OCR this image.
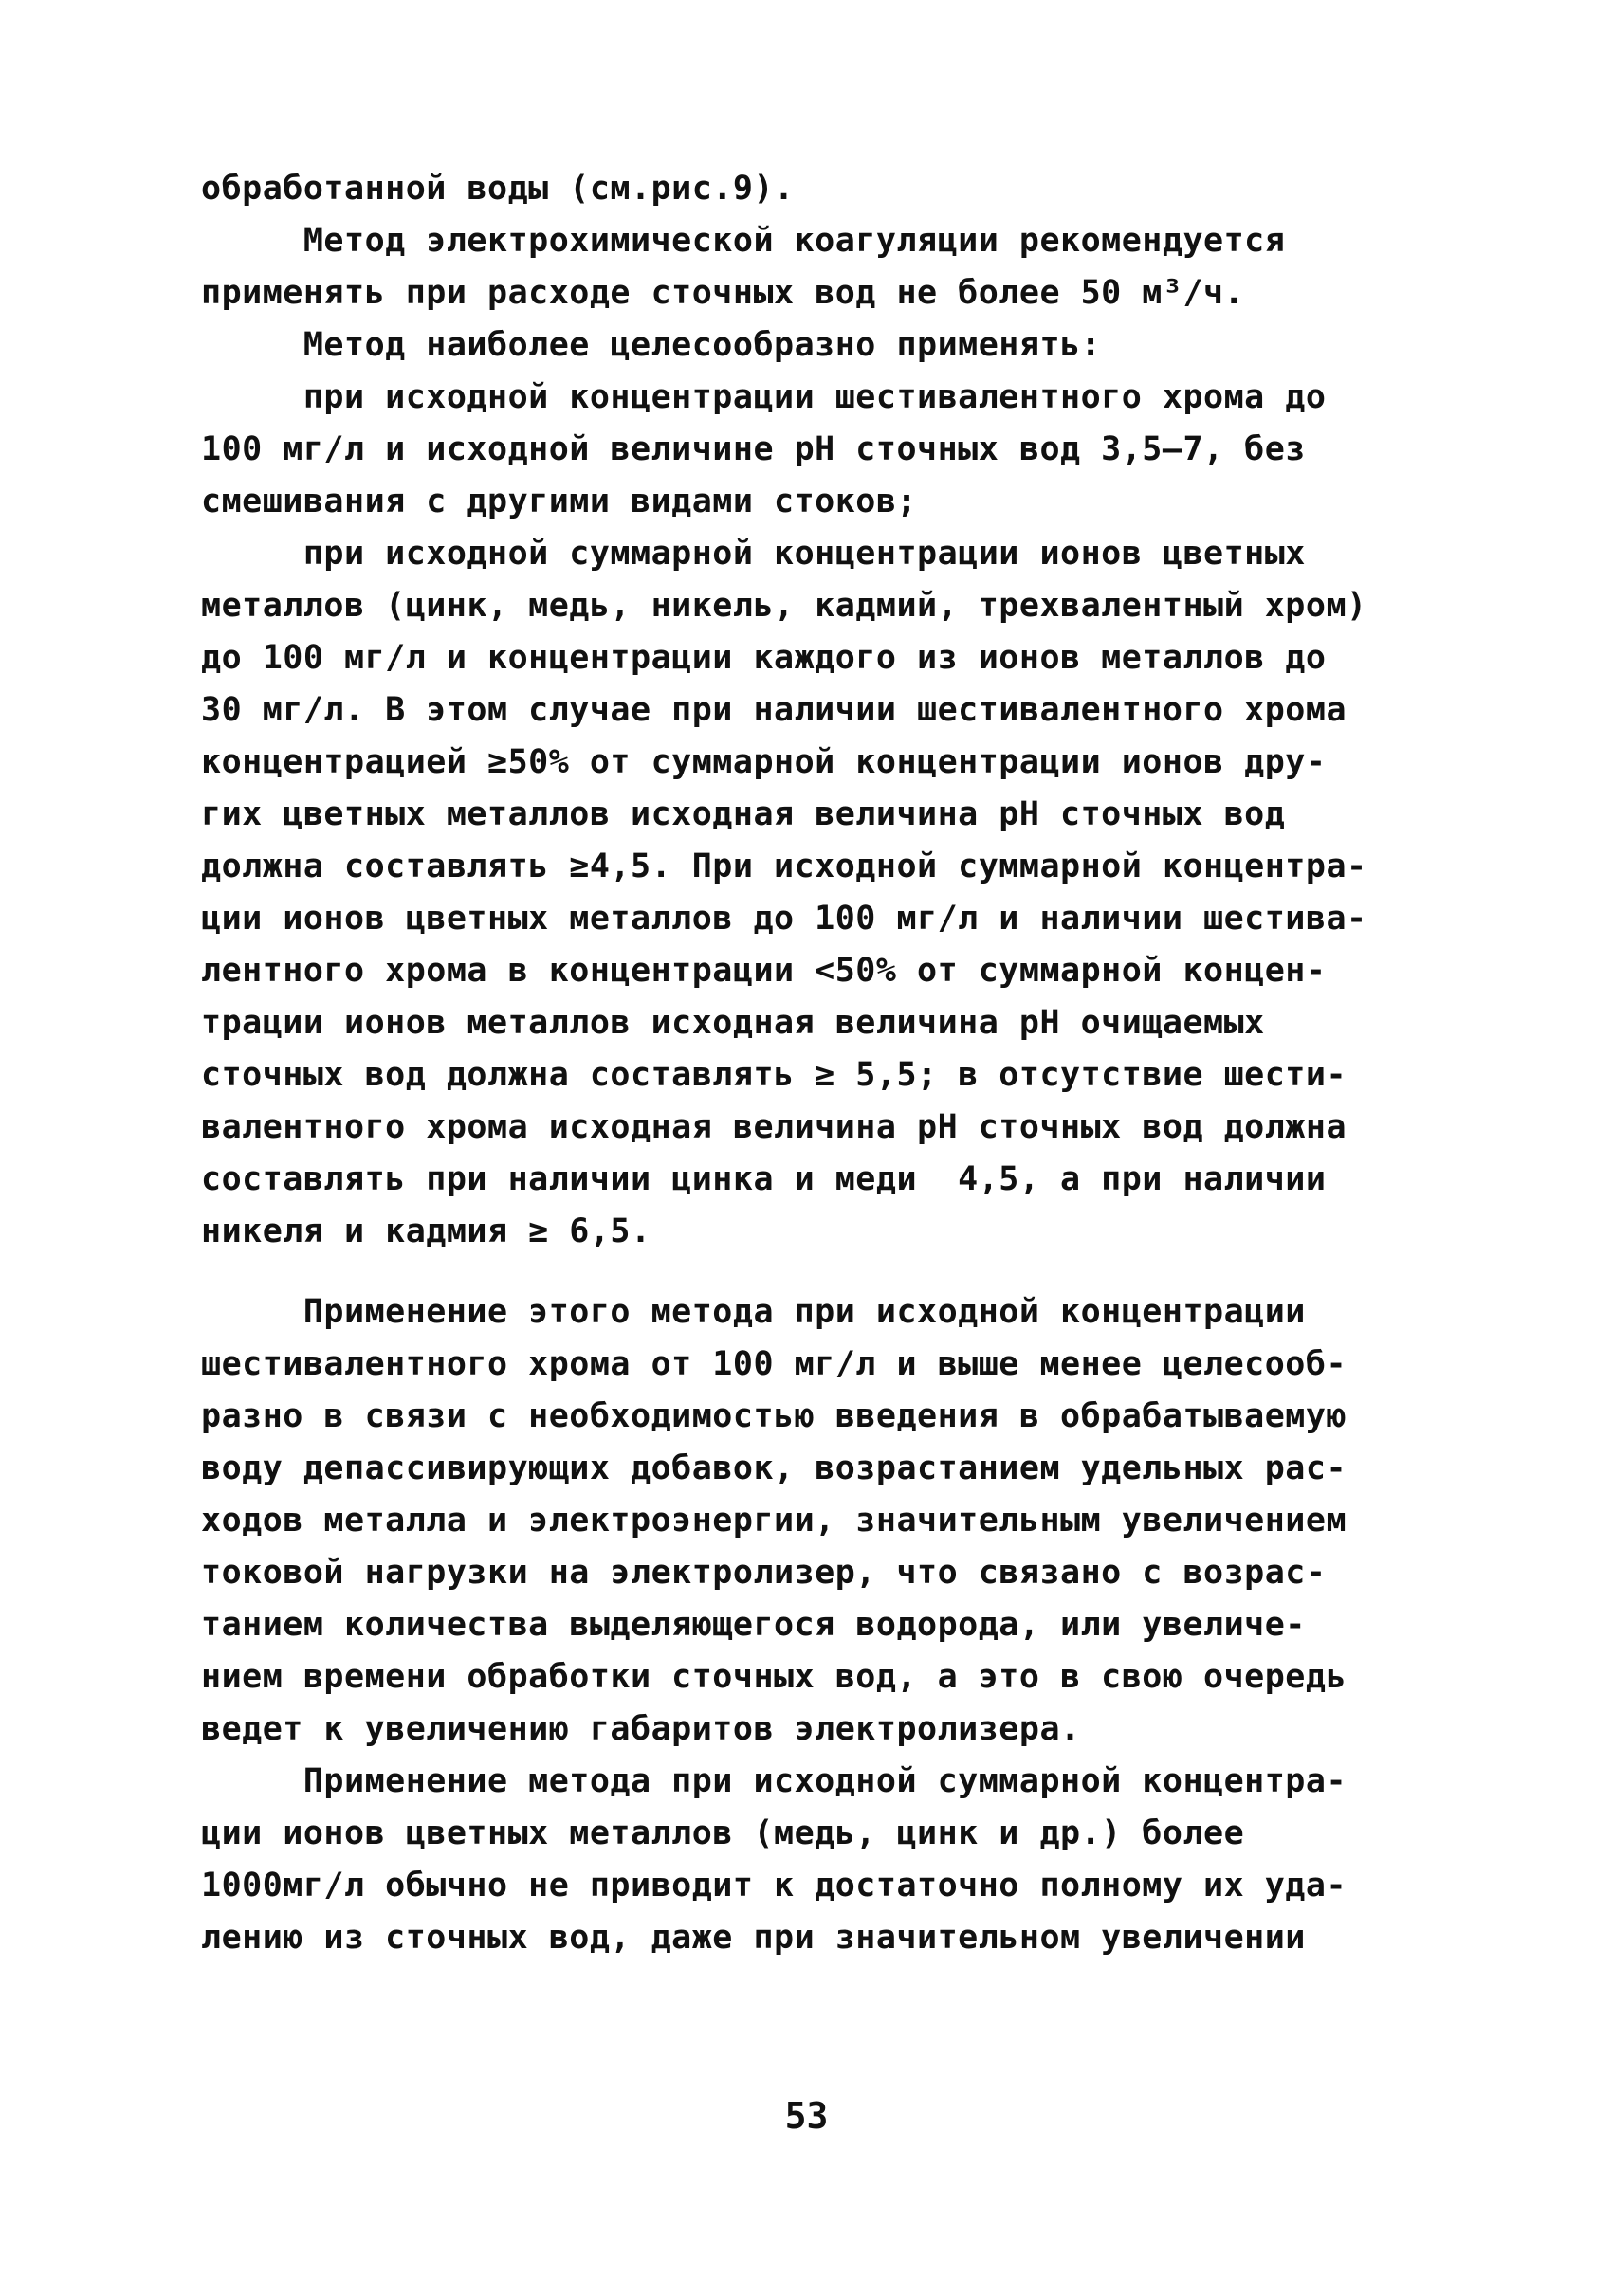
обработанной воды (см.рис.9).
Метод электрохимической коагуляции рекомендуется
применять при расходе сточных вод не более 50 м³/ч.
Метод наиболее целесообразно применять:
при исходной концентрации шестивалентного хрома до
100 мг/л и исходной величине pH сточных вод 3,5–7, без
смешивания с другими видами стоков;
при исходной суммарной концентрации ионов цветных
металлов (цинк, медь, никель, кадмий, трехвалентный хром)
до 100 мг/л и концентрации каждого из ионов металлов до
30 мг/л. В этом случае при наличии шестивалентного хрома
концентрацией ≥50% от суммарной концентрации ионов дру-
гих цветных металлов исходная величина pH сточных вод
должна составлять ≥4,5. При исходной суммарной концентра-
ции ионов цветных металлов до 100 мг/л и наличии шестива-
лентного хрома в концентрации <50% от суммарной концен-
трации ионов металлов исходная величина pH очищаемых
сточных вод должна составлять ≥ 5,5; в отсутствие шести-
валентного хрома исходная величина pH сточных вод должна
составлять при наличии цинка и меди  4,5, а при наличии
никеля и кадмия ≥ 6,5.
Применение этого метода при исходной концентрации
шестивалентного хрома от 100 мг/л и выше менее целесооб-
разно в связи с необходимостью введения в обрабатываемую
воду депассивирующих добавок, возрастанием удельных рас-
ходов металла и электроэнергии, значительным увеличением
токовой нагрузки на электролизер, что связано с возрас-
танием количества выделяющегося водорода, или увеличе-
нием времени обработки сточных вод, а это в свою очередь
ведет к увеличению габаритов электролизера.
Применение метода при исходной суммарной концентра-
ции ионов цветных металлов (медь, цинк и др.) более
1000мг/л обычно не приводит к достаточно полному их уда-
лению из сточных вод, даже при значительном увеличении
53
